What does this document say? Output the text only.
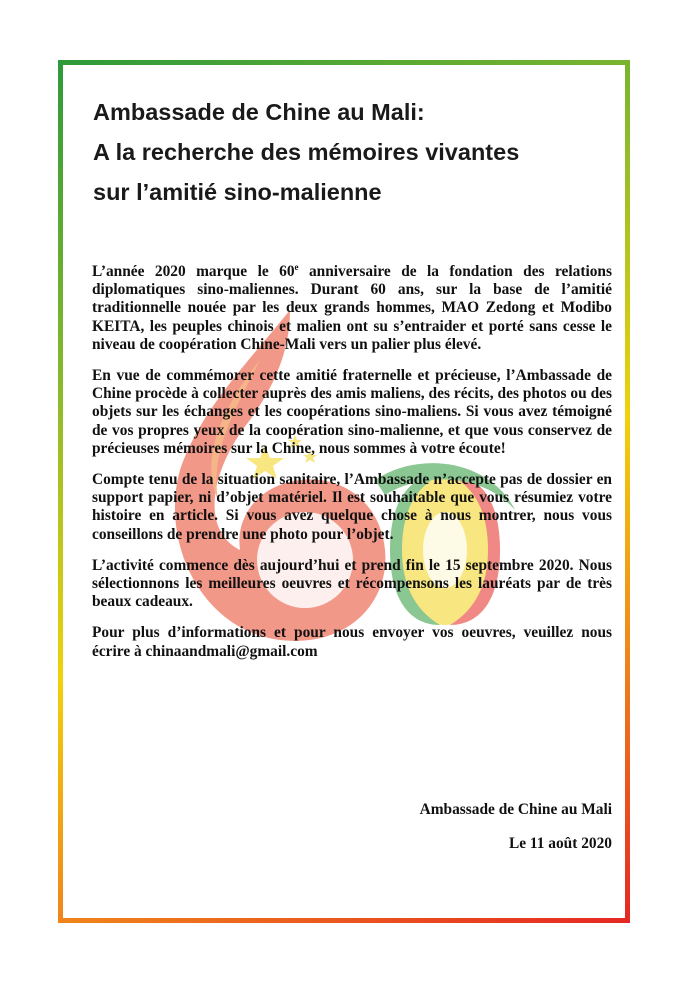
Ambassade de Chine au Mali:
A la recherche des mémoires vivantes
sur l’amitié sino-malienne

L’année 2020 marque le 60e anniversaire de la fondation des relations diplomatiques sino-maliennes. Durant 60 ans, sur la base de l’amitié traditionnelle nouée par les deux grands hommes, MAO Zedong et Modibo KEITA, les peuples chinois et malien ont su s’entraider et porté sans cesse le niveau de coopération Chine-Mali vers un palier plus élevé.

En vue de commémorer cette amitié fraternelle et précieuse, l’Ambassade de Chine procède à collecter auprès des amis maliens, des récits, des photos ou des objets sur les échanges et les coopérations sino-maliens. Si vous avez témoigné de vos propres yeux de la coopération sino-malienne, et que vous conservez de précieuses mémoires sur la Chine, nous sommes à votre écoute!

Compte tenu de la situation sanitaire, l’Ambassade n’accepte pas de dossier en support papier, ni d’objet matériel. Il est souhaitable que vous résumiez votre histoire en article. Si vous avez quelque chose à nous montrer, nous vous conseillons de prendre une photo pour l’objet.

L’activité commence dès aujourd’hui et prend fin le 15 septembre 2020. Nous sélectionnons les meilleures oeuvres et récompensons les lauréats par de très beaux cadeaux.

Pour plus d’informations et pour nous envoyer vos oeuvres, veuillez nous écrire à chinaandmali@gmail.com

Ambassade de Chine au Mali
Le 11 août 2020
